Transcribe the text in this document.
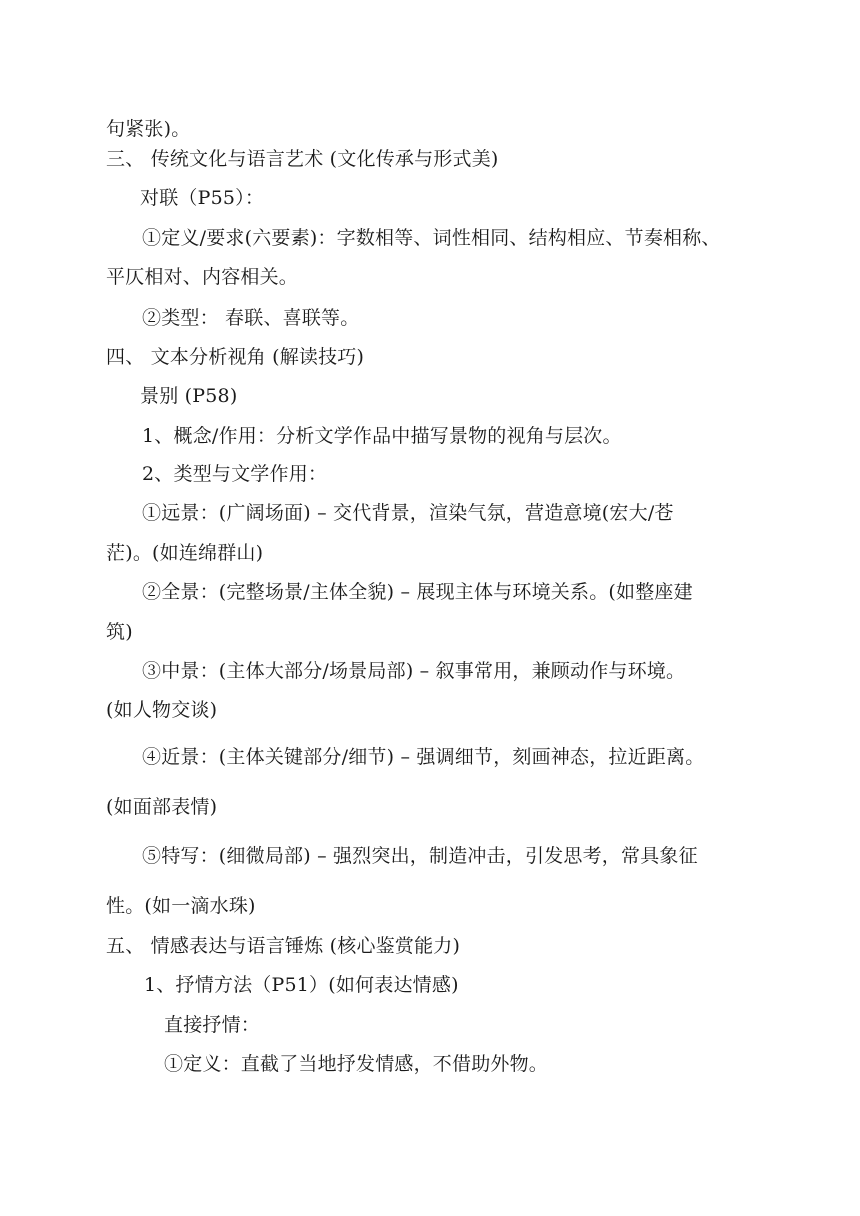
句紧张)。
三、 传统文化与语言艺术 (文化传承与形式美)
对联（P55）：
①定义/要求(六要素)：字数相等、词性相同、结构相应、节奏相称、
平仄相对、内容相关。
②类型： 春联、喜联等。
四、 文本分析视角 (解读技巧)
景别 (P58)
1、概念/作用：分析文学作品中描写景物的视角与层次。
2、类型与文学作用：
①远景：(广阔场面) – 交代背景，渲染气氛，营造意境(宏大/苍
茫)。(如连绵群山)
②全景：(完整场景/主体全貌) – 展现主体与环境关系。(如整座建
筑)
③中景：(主体大部分/场景局部) – 叙事常用，兼顾动作与环境。
(如人物交谈)
④近景：(主体关键部分/细节) – 强调细节，刻画神态，拉近距离。
(如面部表情)
⑤特写：(细微局部) – 强烈突出，制造冲击，引发思考，常具象征
性。(如一滴水珠)
五、 情感表达与语言锤炼 (核心鉴赏能力)
1、抒情方法（P51）(如何表达情感)
直接抒情：
①定义：直截了当地抒发情感，不借助外物。
